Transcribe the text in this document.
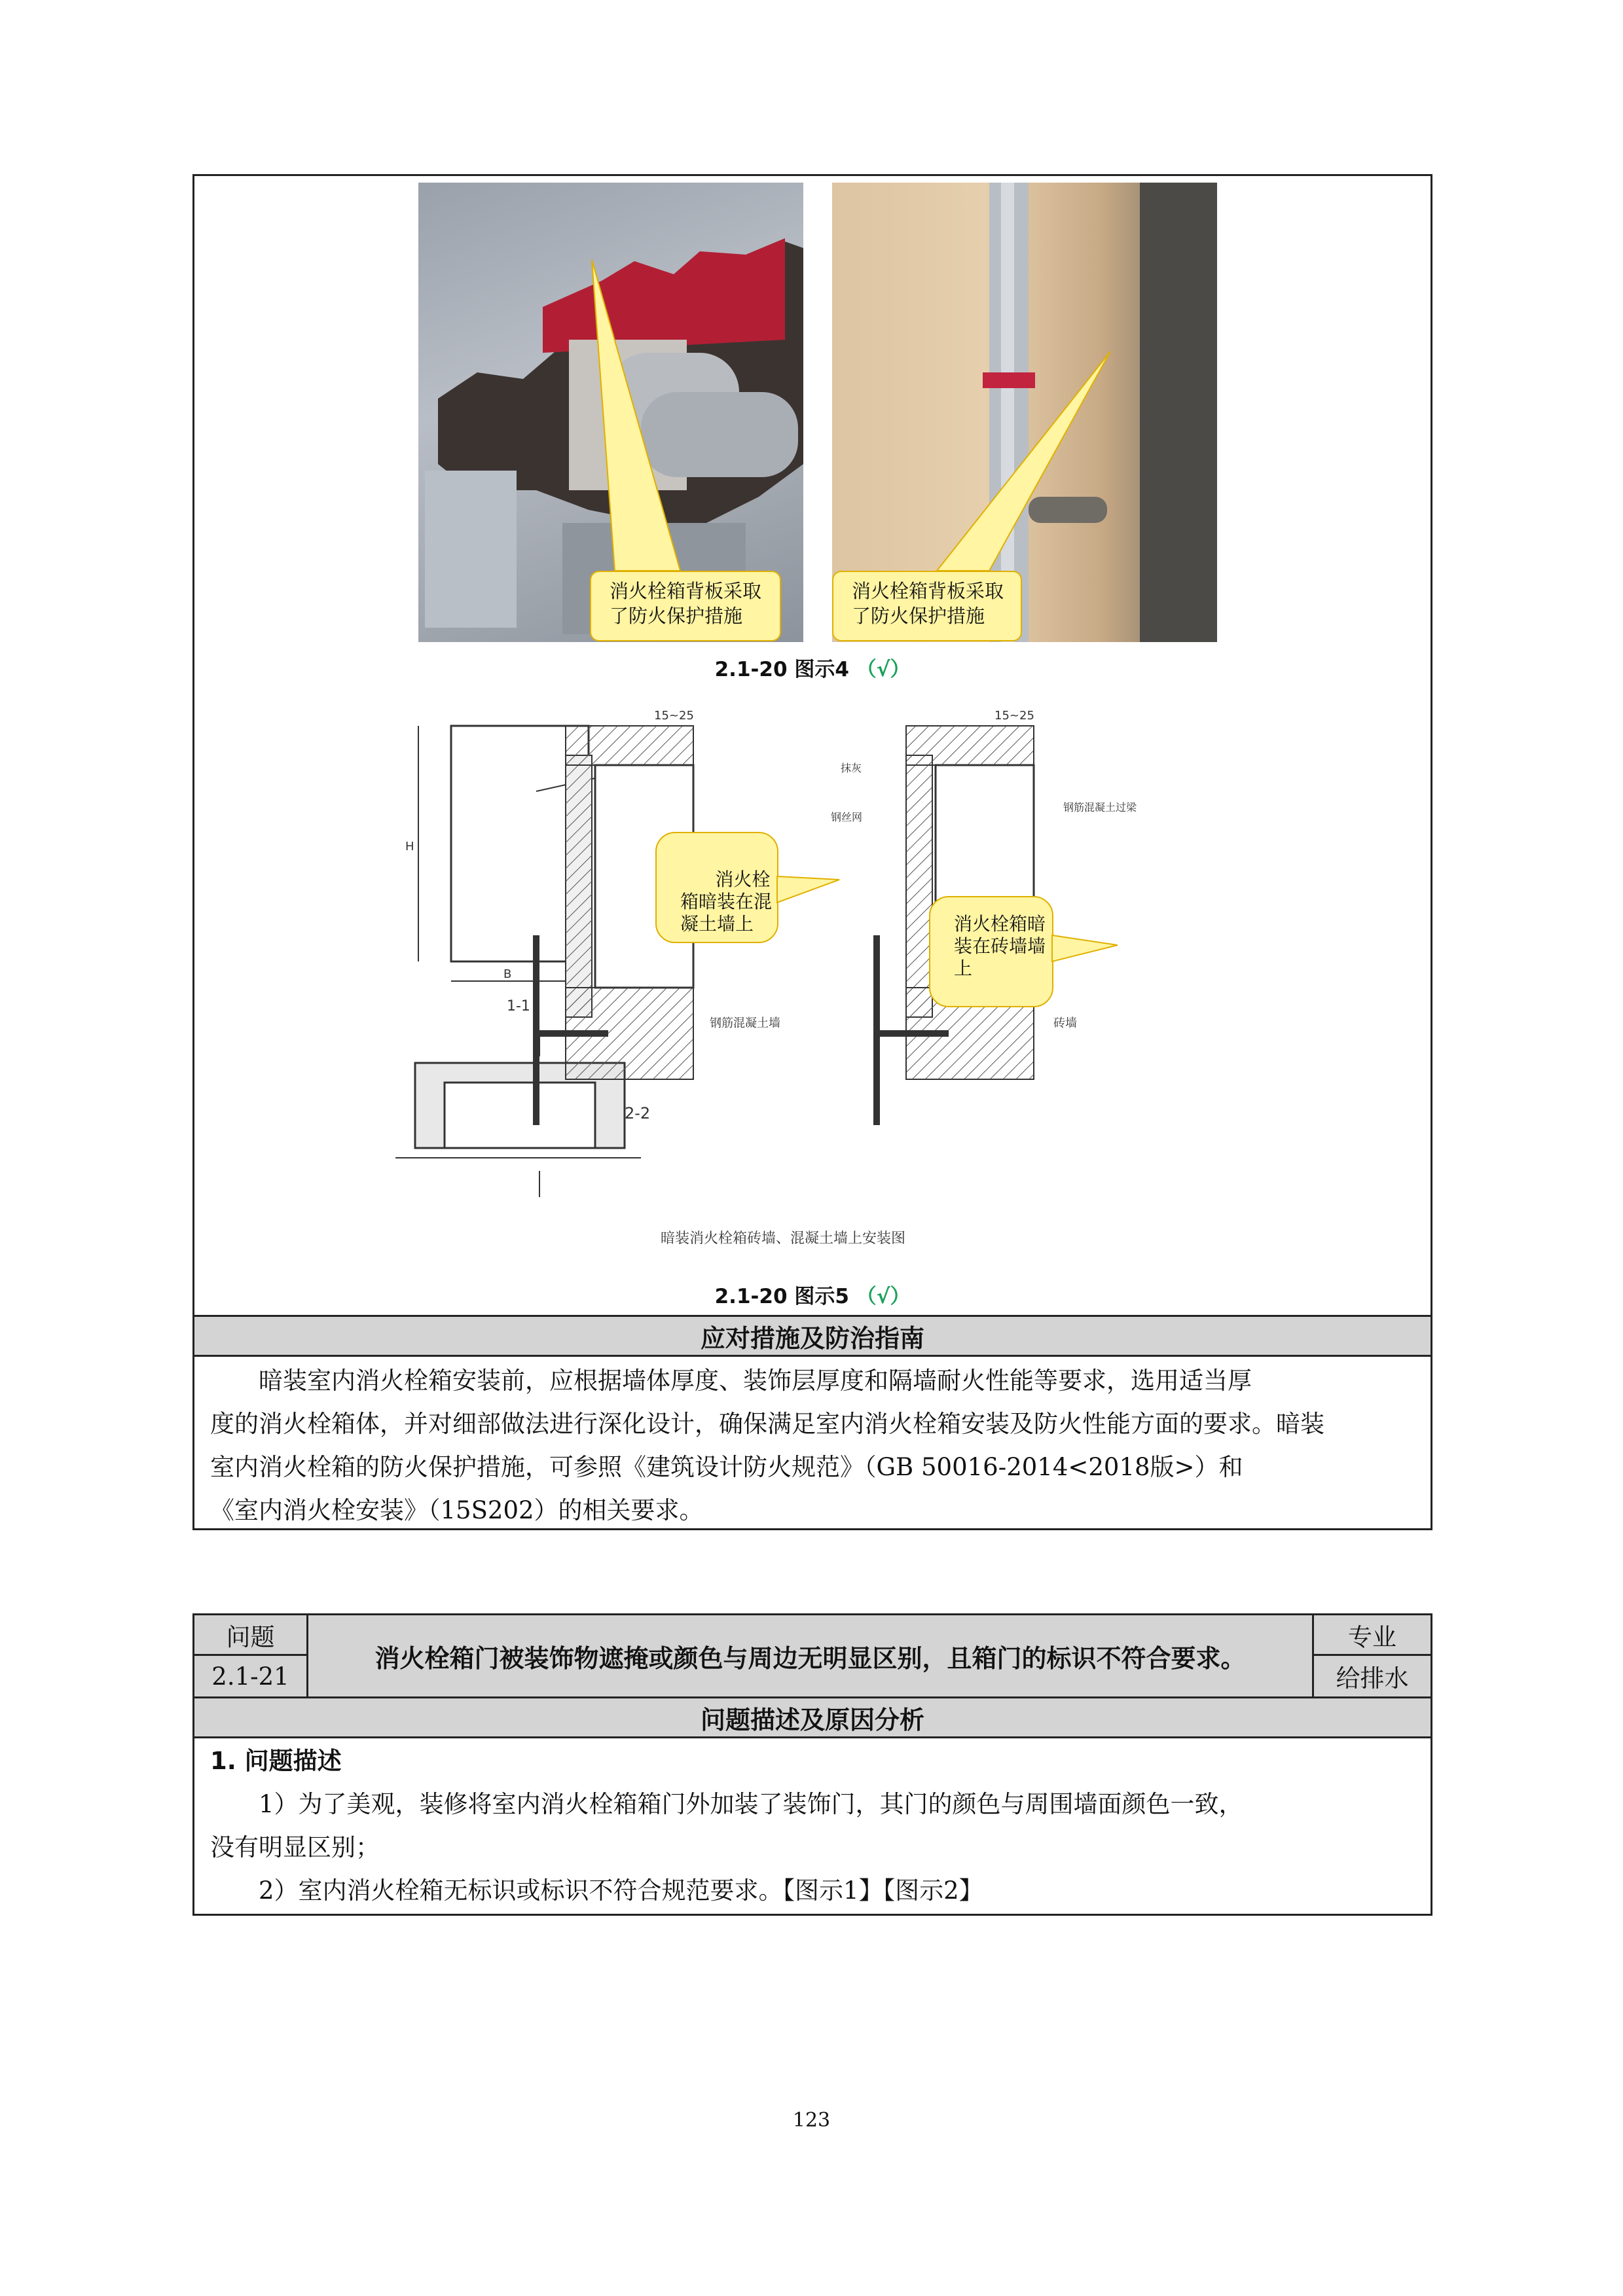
消火栓箱背板采取了防火保护措施
消火栓箱背板采取了防火保护措施
2.1-20 图示4 （√）
B
H
1-1
15~25
钢筋混凝土墙
2-2
15~25
砖墙
钢筋混凝土过梁
钢丝网
抹灰
暗装消火栓箱砖墙、混凝土墙上安装图

消火栓箱暗装在混凝土墙上
	消火栓箱暗装在砖墙墙上
2.1-20 图示5 （√）
应对措施及防治指南
暗装室内消火栓箱安装前，应根据墙体厚度、装饰层厚度和隔墙耐火性能等要求，选用适当厚
度的消火栓箱体，并对细部做法进行深化设计，确保满足室内消火栓箱安装及防火性能方面的要求。暗装
室内消火栓箱的防火保护措施，可参照《建筑设计防火规范》（GB 50016-2014<2018版>）和
《室内消火栓安装》（15S202）的相关要求。
问题
2.1-21
消火栓箱门被装饰物遮掩或颜色与周边无明显区别，且箱门的标识不符合要求。
专业
给排水
问题描述及原因分析
1. 问题描述
1）为了美观，装修将室内消火栓箱箱门外加装了装饰门，其门的颜色与周围墙面颜色一致，
没有明显区别；
2）室内消火栓箱无标识或标识不符合规范要求。【图示1】【图示2】
123
